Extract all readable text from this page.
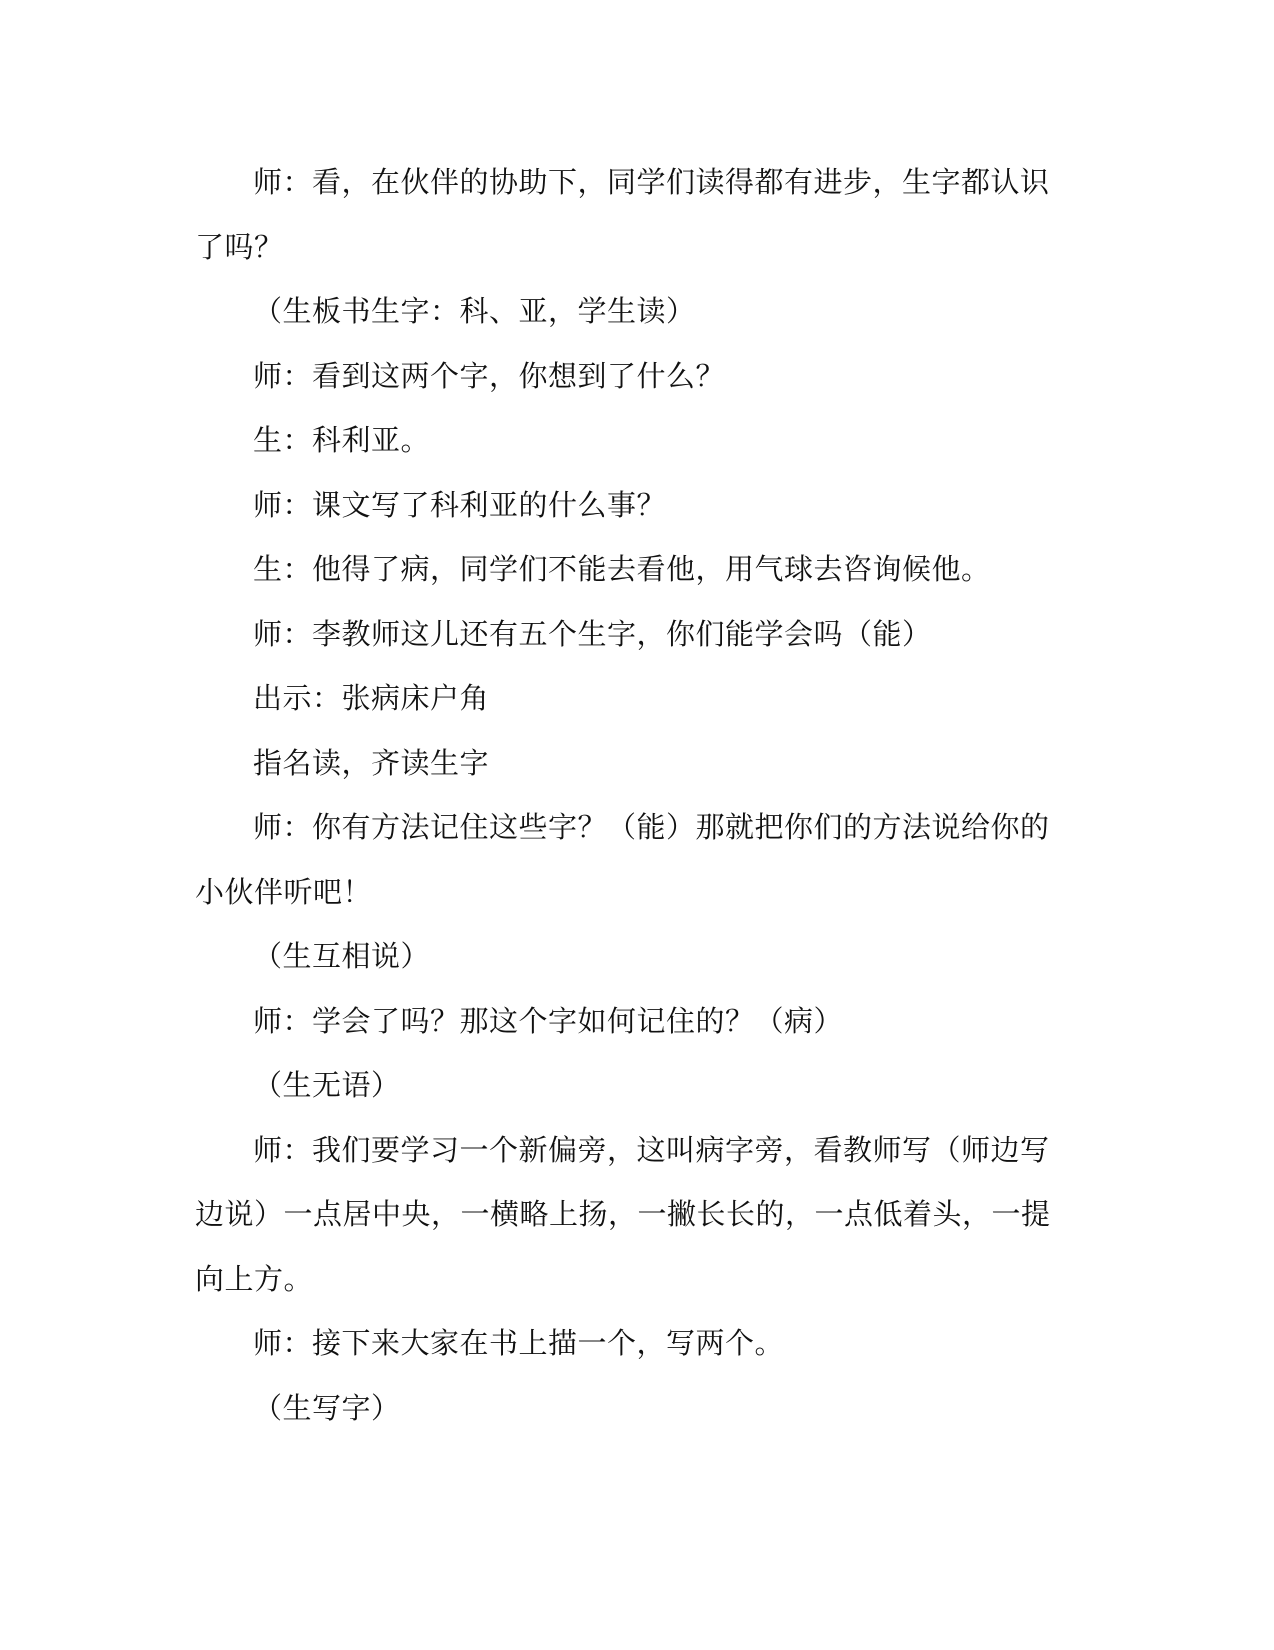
师：看，在伙伴的协助下，同学们读得都有进步，生字都认识了吗？

（生板书生字：科、亚，学生读）

师：看到这两个字，你想到了什么？

生：科利亚。

师：课文写了科利亚的什么事？

生：他得了病，同学们不能去看他，用气球去咨询候他。

师：李教师这儿还有五个生字，你们能学会吗（能）

出示：张病床户角

指名读，齐读生字

师：你有方法记住这些字？（能）那就把你们的方法说给你的小伙伴听吧！

（生互相说）

师：学会了吗？那这个字如何记住的？（病）

（生无语）

师：我们要学习一个新偏旁，这叫病字旁，看教师写（师边写边说）一点居中央，一横略上扬，一撇长长的，一点低着头，一提向上方。

师：接下来大家在书上描一个，写两个。

（生写字）
